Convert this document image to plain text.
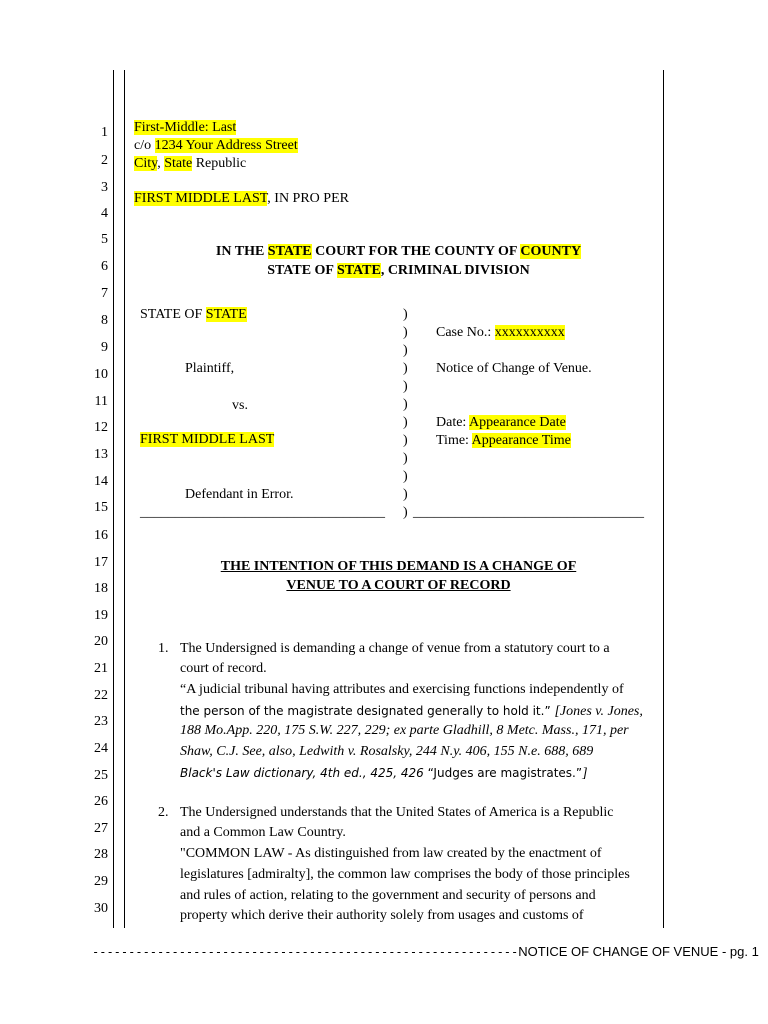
1
2
3
4
5
6
7
8
9
10
11
12
13
14
15
16
17
18
19
20
21
22
23
24
25
26
27
28
29
30
First-Middle: Last
c/o 1234 Your Address Street
City, State Republic
FIRST MIDDLE LAST, IN PRO PER
IN THE STATE COURT FOR THE COUNTY OF COUNTY
STATE OF STATE, CRIMINAL DIVISION
STATE OF STATE
Plaintiff,
vs.
FIRST MIDDLE LAST
Defendant in Error.
___________________________________
)
)
)
)
)
)
)
)
)
)
)
)
Case No.: xxxxxxxxxx
Notice of Change of Venue.
Date: Appearance Date
Time: Appearance Time
_________________________________
THE INTENTION OF THIS DEMAND IS A CHANGE OF
VENUE TO A COURT OF RECORD
1. The Undersigned is demanding a change of venue from a statutory court to a
court of record.
“A judicial tribunal having attributes and exercising functions independently of
the person of the magistrate designated generally to hold it.” [Jones v. Jones,
188 Mo.App. 220, 175 S.W. 227, 229; ex parte Gladhill, 8 Metc. Mass., 171, per
Shaw, C.J. See, also, Ledwith v. Rosalsky, 244 N.y. 406, 155 N.e. 688, 689
Black's Law dictionary, 4th ed., 425, 426 “Judges are magistrates.”]
2. The Undersigned understands that the United States of America is a Republic
and a Common Law Country.
"COMMON LAW - As distinguished from law created by the enactment of
legislatures [admiralty], the common law comprises the body of those principles
and rules of action, relating to the government and security of persons and
property which derive their authority solely from usages and customs of
-----------------------------------------------------------NOTICE OF CHANGE OF VENUE - pg. 1
